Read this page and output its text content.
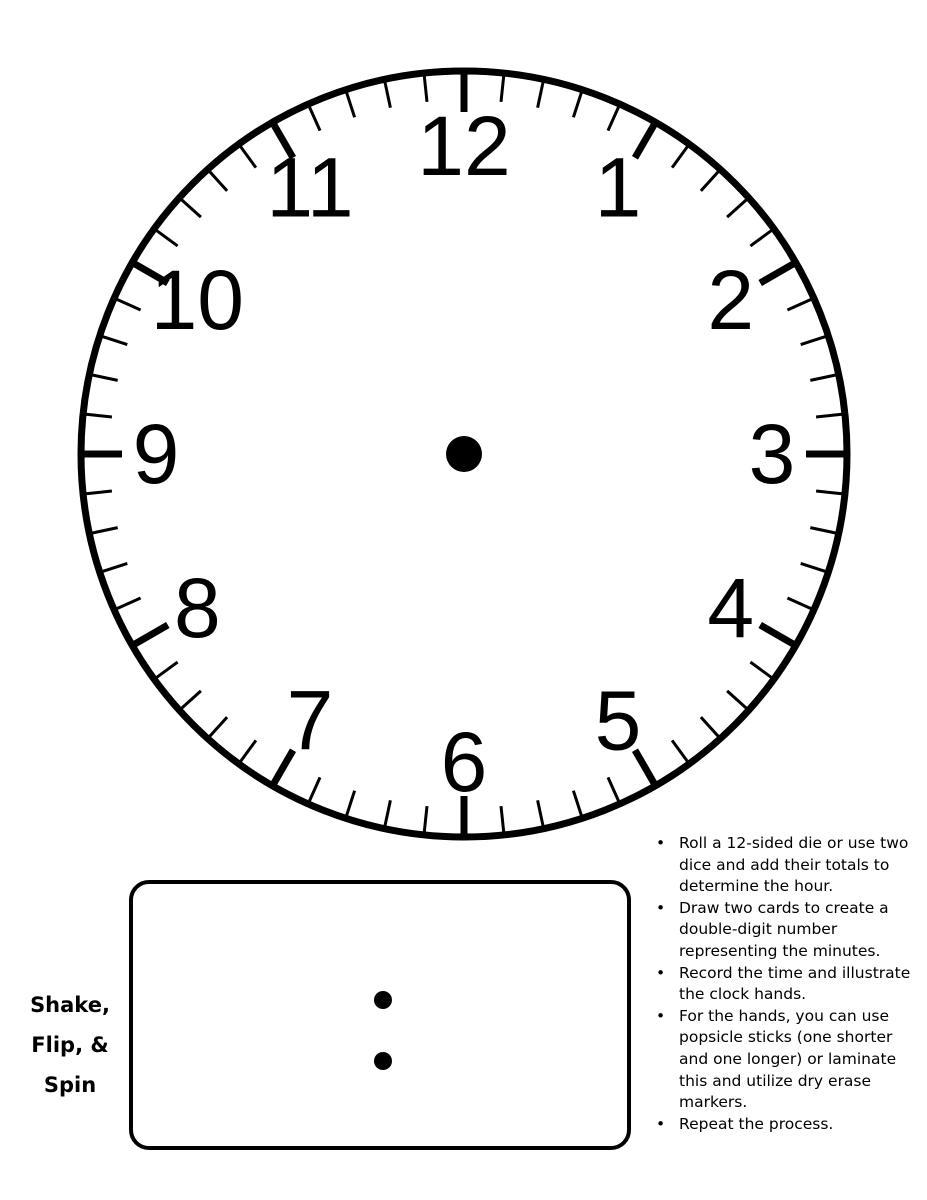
12 1
2
3
4
5
6
7
8
9
10
11
Shake,
Flip, &
Spin
• Roll a 12-sided die or use two dice and add their totals to determine the hour.
• Draw two cards to create a double-digit number representing the minutes.
• Record the time and illustrate the clock hands.
• For the hands, you can use popsicle sticks (one shorter and one longer) or laminate this and utilize dry erase markers.
• Repeat the process.
